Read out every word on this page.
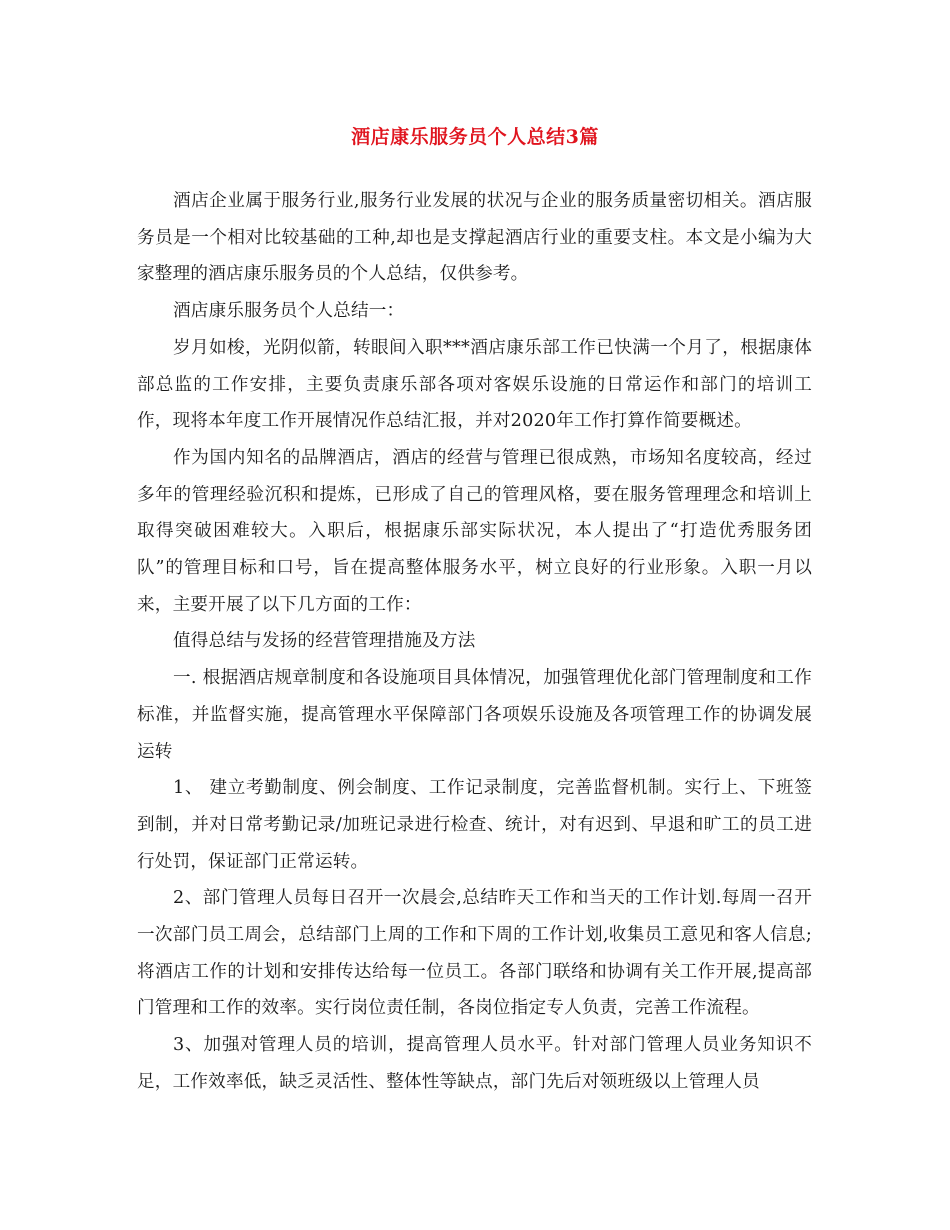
酒店康乐服务员个人总结3篇

酒店企业属于服务行业,服务行业发展的状况与企业的服务质量密切相关。酒店服务员是一个相对比较基础的工种,却也是支撑起酒店行业的重要支柱。本文是小编为大家整理的酒店康乐服务员的个人总结，仅供参考。

酒店康乐服务员个人总结一：

岁月如梭，光阴似箭，转眼间入职***酒店康乐部工作已快满一个月了，根据康体部总监的工作安排，主要负责康乐部各项对客娱乐设施的日常运作和部门的培训工作，现将本年度工作开展情况作总结汇报，并对2020年工作打算作简要概述。

作为国内知名的品牌酒店，酒店的经营与管理已很成熟，市场知名度较高，经过多年的管理经验沉积和提炼，已形成了自己的管理风格，要在服务管理理念和培训上取得突破困难较大。入职后，根据康乐部实际状况，本人提出了“打造优秀服务团队”的管理目标和口号，旨在提高整体服务水平，树立良好的行业形象。入职一月以来，主要开展了以下几方面的工作：

值得总结与发扬的经营管理措施及方法

一. 根据酒店规章制度和各设施项目具体情况，加强管理优化部门管理制度和工作标准，并监督实施，提高管理水平保障部门各项娱乐设施及各项管理工作的协调发展运转

1、 建立考勤制度、例会制度、工作记录制度，完善监督机制。实行上、下班签到制，并对日常考勤记录/加班记录进行检查、统计，对有迟到、早退和旷工的员工进行处罚，保证部门正常运转。

2、部门管理人员每日召开一次晨会,总结昨天工作和当天的工作计划.每周一召开一次部门员工周会，总结部门上周的工作和下周的工作计划,收集员工意见和客人信息;将酒店工作的计划和安排传达给每一位员工。各部门联络和协调有关工作开展,提高部门管理和工作的效率。实行岗位责任制，各岗位指定专人负责，完善工作流程。

3、加强对管理人员的培训，提高管理人员水平。针对部门管理人员业务知识不足，工作效率低，缺乏灵活性、整体性等缺点，部门先后对领班级以上管理人员
